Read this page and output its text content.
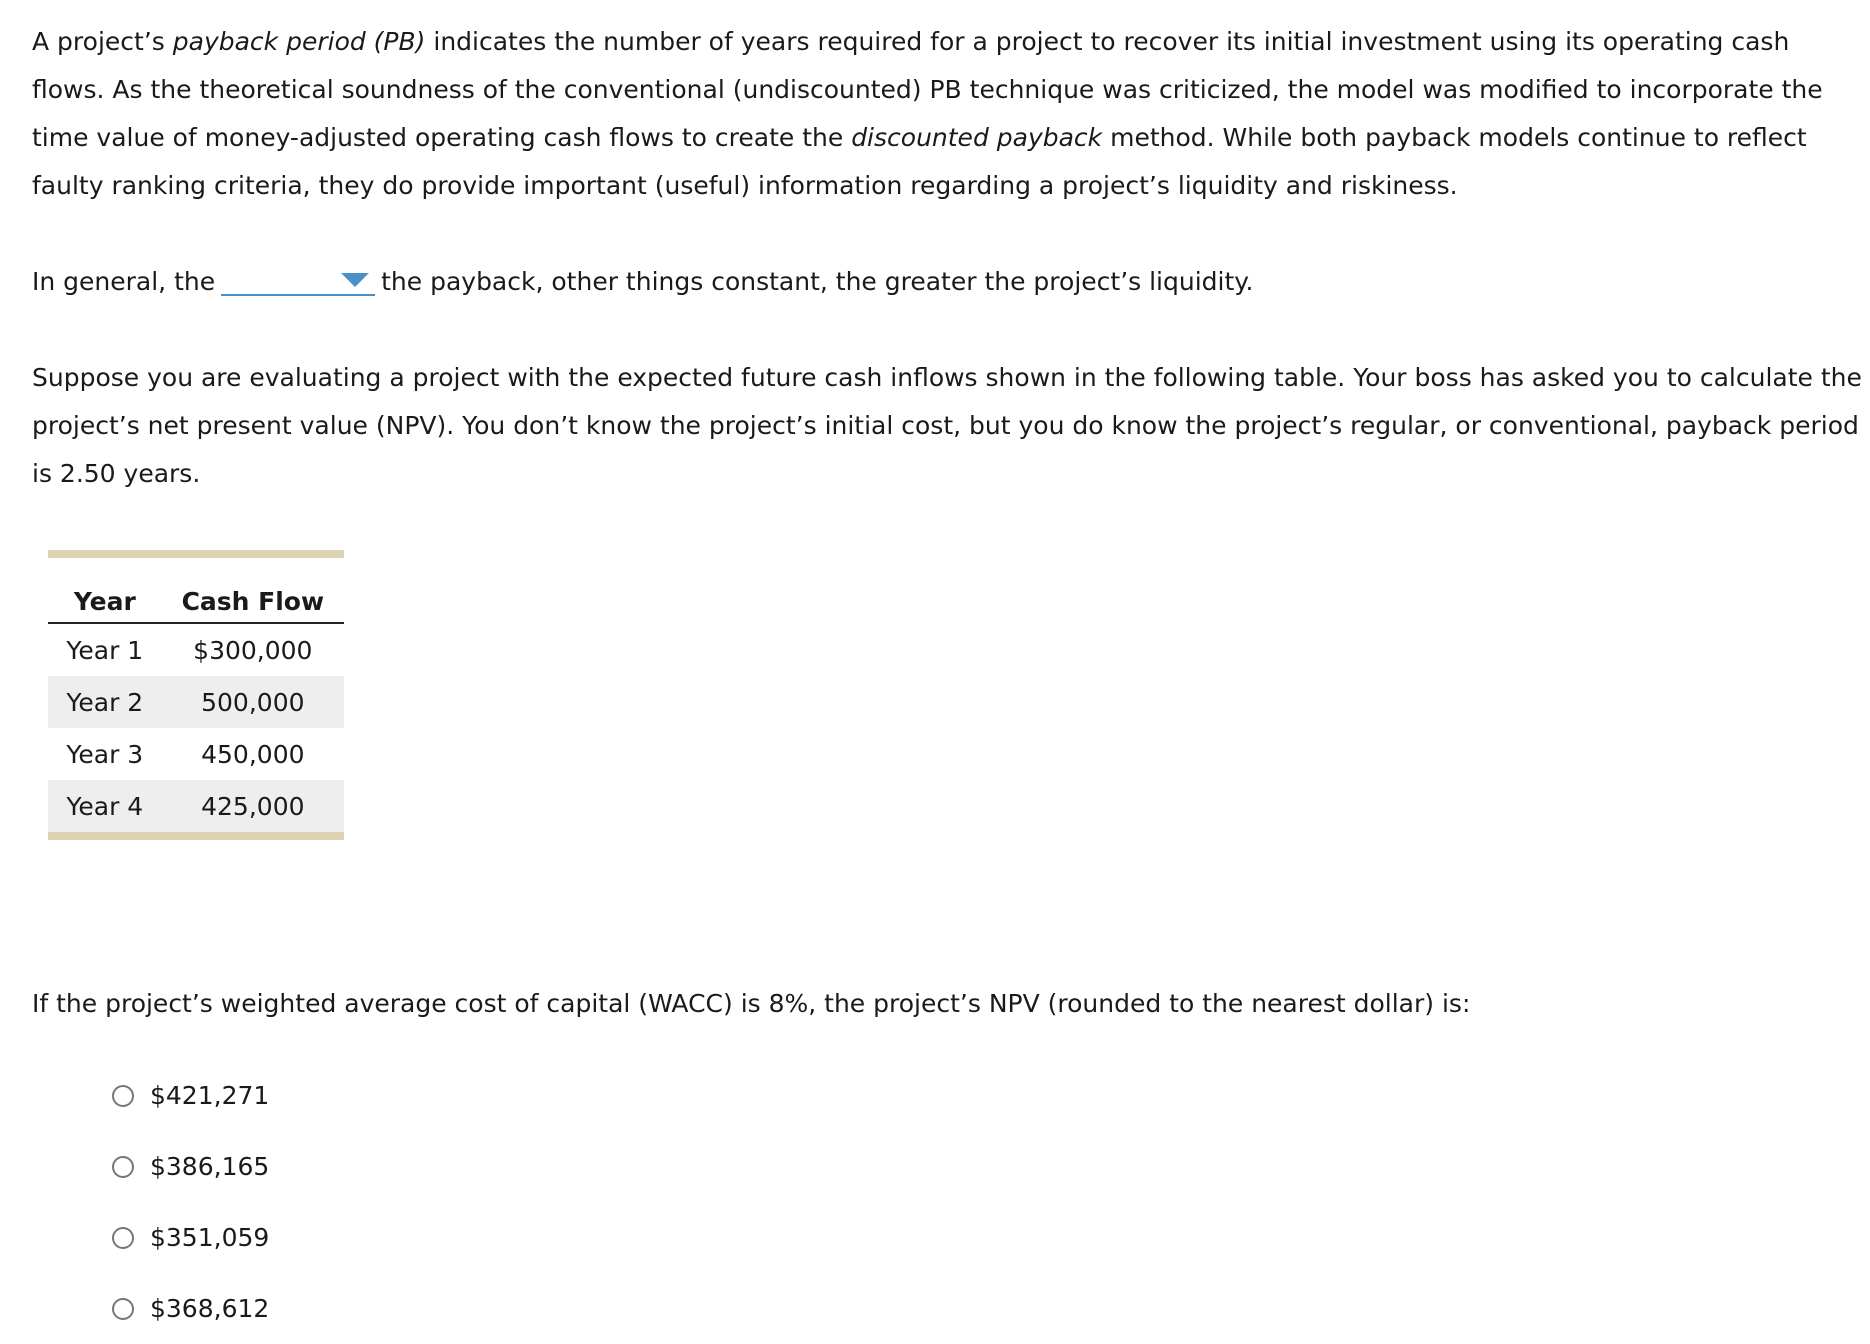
A project’s payback period (PB) indicates the number of years required for a project to recover its initial investment using its operating cash flows. As the theoretical soundness of the conventional (undiscounted) PB technique was criticized, the model was modified to incorporate the time value of money-adjusted operating cash flows to create the discounted payback method. While both payback models continue to reflect faulty ranking criteria, they do provide important (useful) information regarding a project’s liquidity and riskiness.

In general, the	the payback, other things constant, the greater the project’s liquidity.

Suppose you are evaluating a project with the expected future cash inflows shown in the following table. Your boss has asked you to calculate the project’s net present value (NPV). You don’t know the project’s initial cost, but you do know the project’s regular, or conventional, payback period is 2.50 years.

Year	Cash Flow
Year 1	$300,000
Year 2	500,000
Year 3	450,000
Year 4	425,000

If the project’s weighted average cost of capital (WACC) is 8%, the project’s NPV (rounded to the nearest dollar) is:

$421,271
$386,165
$351,059
$368,612
